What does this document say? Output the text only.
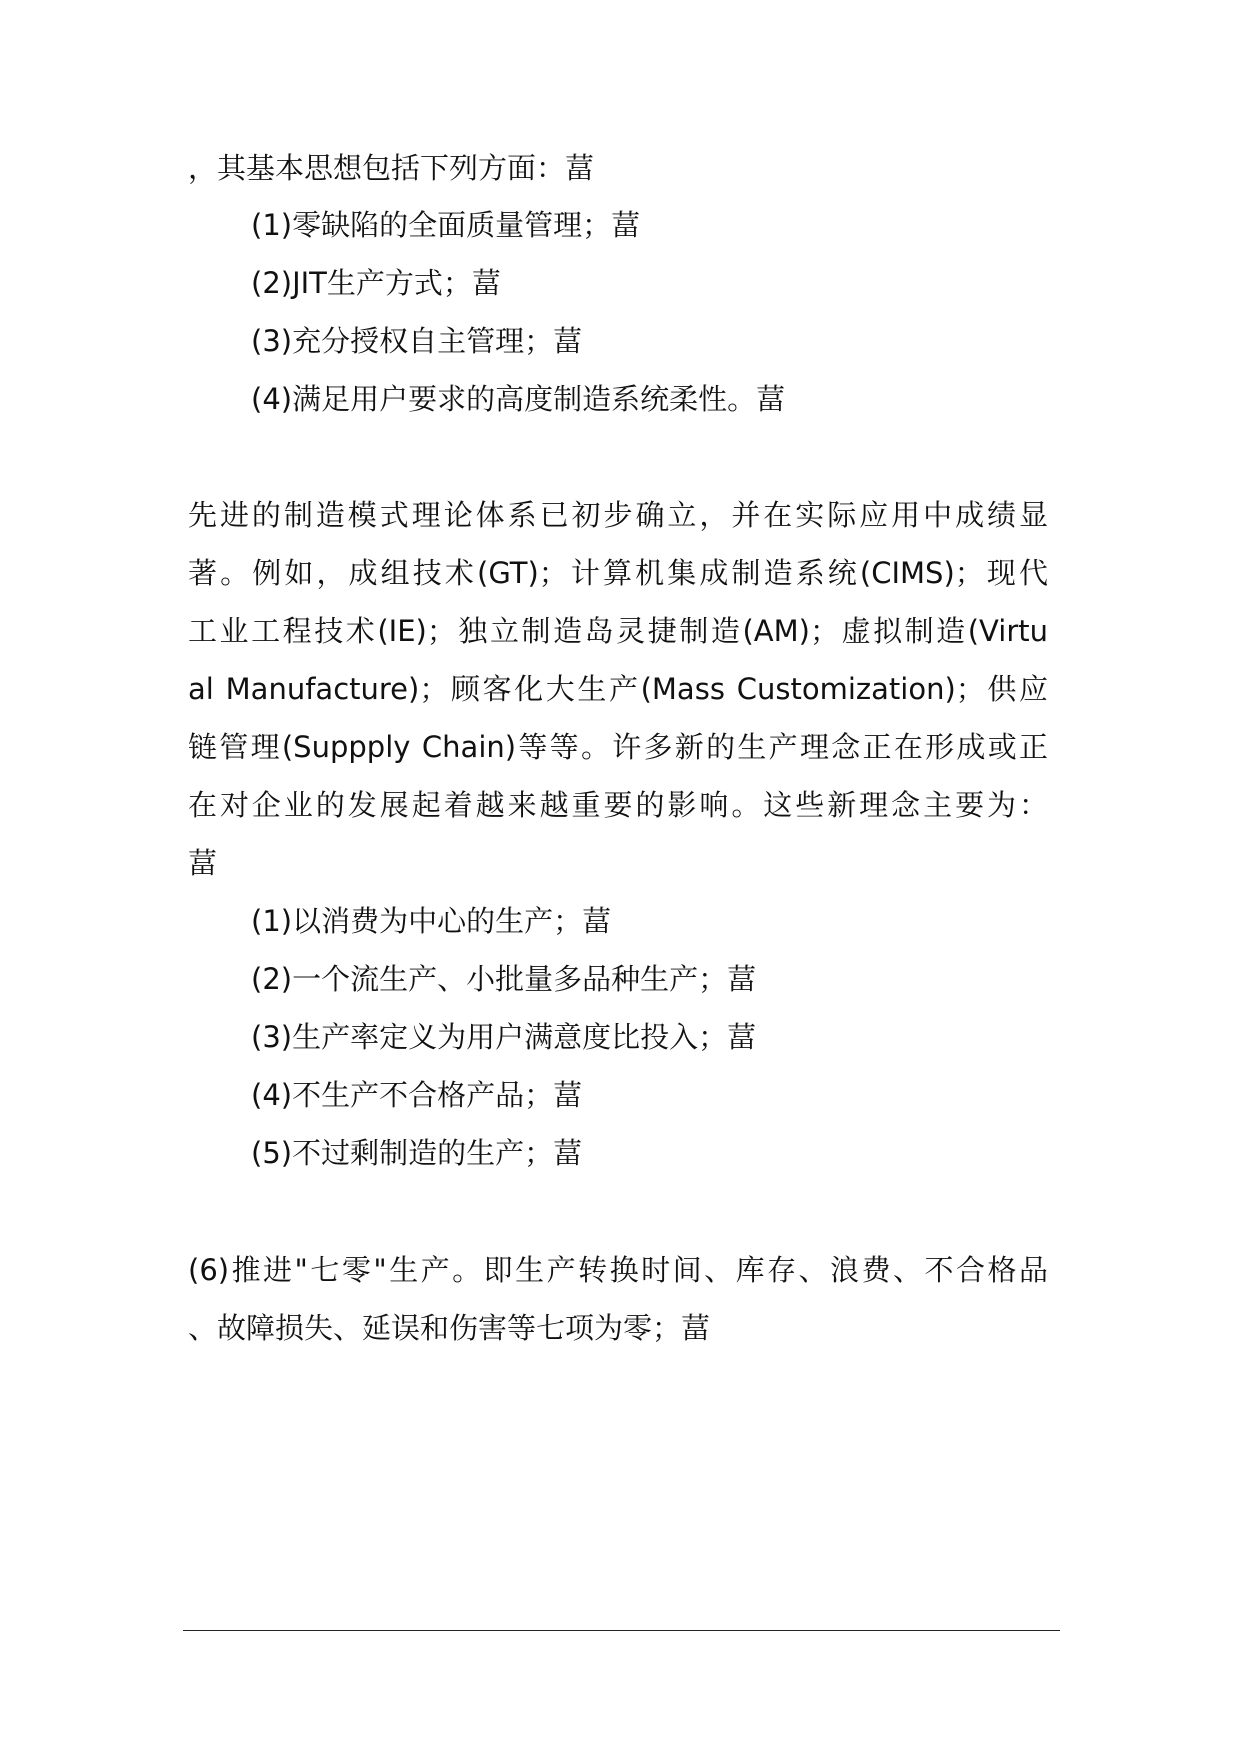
，其基本思想包括下列方面：葍
(1)零缺陷的全面质量管理；葍
(2)JIT生产方式；葍
(3)充分授权自主管理；葍
(4)满足用户要求的高度制造系统柔性。葍
先进的制造模式理论体系已初步确立，并在实际应用中成绩显
著。例如，成组技术(GT)；计算机集成制造系统(CIMS)；现代
工业工程技术(IE)；独立制造岛灵捷制造(AM)；虚拟制造(Virtu
al Manufacture)；顾客化大生产(Mass Customization)；供应
链管理(Suppply Chain)等等。许多新的生产理念正在形成或正
在对企业的发展起着越来越重要的影响。这些新理念主要为：
葍
(1)以消费为中心的生产；葍
(2)一个流生产、小批量多品种生产；葍
(3)生产率定义为用户满意度比投入；葍
(4)不生产不合格产品；葍
(5)不过剩制造的生产；葍
(6)推进"七零"生产。即生产转换时间、库存、浪费、不合格品
、故障损失、延误和伤害等七项为零；葍
